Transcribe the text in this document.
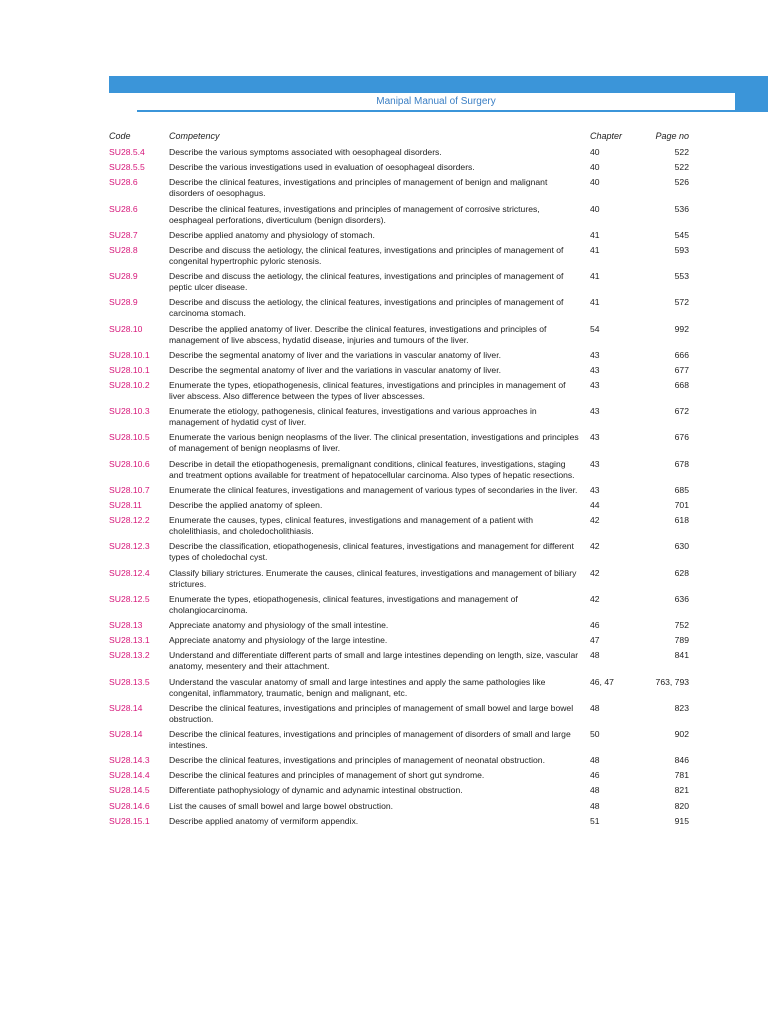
Manipal Manual of Surgery
Code	Competency	Chapter	Page no
SU28.5.4	Describe the various symptoms associated with oesophageal disorders.	40	522
SU28.5.5	Describe the various investigations used in evaluation of oesophageal disorders.	40	522
SU28.6	Describe the clinical features, investigations and principles of management of benign and malignant disorders of oesophagus.	40	526
SU28.6	Describe the clinical features, investigations and principles of management of corrosive strictures, oesphageal perforations, diverticulum (benign disorders).	40	536
SU28.7	Describe applied anatomy and physiology of stomach.	41	545
SU28.8	Describe and discuss the aetiology, the clinical features, investigations and principles of management of congenital hypertrophic pyloric stenosis.	41	593
SU28.9	Describe and discuss the aetiology, the clinical features, investigations and principles of management of peptic ulcer disease.	41	553
SU28.9	Describe and discuss the aetiology, the clinical features, investigations and principles of management of carcinoma stomach.	41	572
SU28.10	Describe the applied anatomy of liver. Describe the clinical features, investigations and principles of management of live abscess, hydatid disease, injuries and tumours of the liver.	54	992
SU28.10.1	Describe the segmental anatomy of liver and the variations in vascular anatomy of liver.	43	666
SU28.10.1	Describe the segmental anatomy of liver and the variations in vascular anatomy of liver.	43	677
SU28.10.2	Enumerate the types, etiopathogenesis, clinical features, investigations and principles in management of liver abscess. Also difference between the types of liver abscesses.	43	668
SU28.10.3	Enumerate the etiology, pathogenesis, clinical features, investigations and various approaches in management of hydatid cyst of liver.	43	672
SU28.10.5	Enumerate the various benign neoplasms of the liver. The clinical presentation, investigations and principles of management of benign neoplasms of liver.	43	676
SU28.10.6	Describe in detail the etiopathogenesis, premalignant conditions, clinical features, investigations, staging and treatment options available for treatment of hepatocellular carcinoma. Also types of hepatic resections.	43	678
SU28.10.7	Enumerate the clinical features, investigations and management of various types of secondaries in the liver.	43	685
SU28.11	Describe the applied anatomy of spleen.	44	701
SU28.12.2	Enumerate the causes, types, clinical features, investigations and management of a patient with cholelithiasis, and choledocholithiasis.	42	618
SU28.12.3	Describe the classification, etiopathogenesis, clinical features, investigations and management for different types of choledochal cyst.	42	630
SU28.12.4	Classify biliary strictures. Enumerate the causes, clinical features, investigations and management of biliary strictures.	42	628
SU28.12.5	Enumerate the types, etiopathogenesis, clinical features, investigations and management of cholangiocarcinoma.	42	636
SU28.13	Appreciate anatomy and physiology of the small intestine.	46	752
SU28.13.1	Appreciate anatomy and physiology of the large intestine.	47	789
SU28.13.2	Understand and differentiate different parts of small and large intestines depending on length, size, vascular anatomy, mesentery and their attachment.	48	841
SU28.13.5	Understand the vascular anatomy of small and large intestines and apply the same pathologies like congenital, inflammatory, traumatic, benign and malignant, etc.	46, 47	763, 793
SU28.14	Describe the clinical features, investigations and principles of management of small bowel and large bowel obstruction.	48	823
SU28.14	Describe the clinical features, investigations and principles of management of disorders of small and large intestines.	50	902
SU28.14.3	Describe the clinical features, investigations and principles of management of neonatal obstruction.	48	846
SU28.14.4	Describe the clinical features and principles of management of short gut syndrome.	46	781
SU28.14.5	Differentiate pathophysiology of dynamic and adynamic intestinal obstruction.	48	821
SU28.14.6	List the causes of small bowel and large bowel obstruction.	48	820
SU28.15.1	Describe applied anatomy of vermiform appendix.	51	915
